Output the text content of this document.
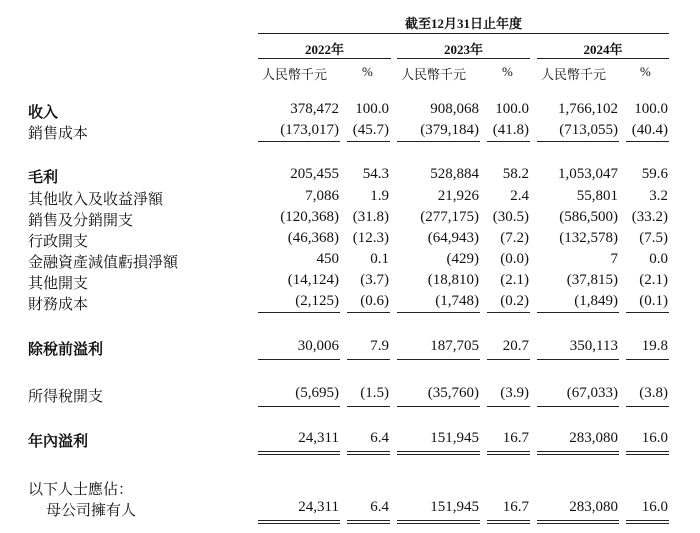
截至12月31日止年度
2022年	2023年	2024年
人民幣千元	% 人民幣千元	% 人民幣千元	%
收入	378,472	100.0	908,068	100.0	1,766,102	100.0
銷售成本	(173,017) (45.7)	(379,184) (41.8)	(713,055) (40.4)
毛利	205,455	54.3	528,884	58.2	1,053,047	59.6
其他收入及收益淨額	7,086	1.9	21,926	2.4	55,801	3.2
銷售及分銷開支	(120,368) (31.8)	(277,175) (30.5)	(586,500) (33.2)
行政開支	(46,368) (12.3)	(64,943)	(7.2)	(132,578)	(7.5)
金融資產減值虧損淨額	450	0.1	(429)	(0.0)	7	0.0
其他開支	(14,124)	(3.7)	(18,810)	(2.1)	(37,815)	(2.1)
財務成本	(2,125)	(0.6)	(1,748)	(0.2)	(1,849)	(0.1)
除稅前溢利	30,006	7.9	187,705	20.7	350,113	19.8
所得稅開支	(5,695)	(1.5)	(35,760)	(3.9)	(67,033)	(3.8)
年內溢利	24,311	6.4	151,945	16.7	283,080	16.0
以下人士應佔：
母公司擁有人	24,311	6.4	151,945	16.7	283,080	16.0
